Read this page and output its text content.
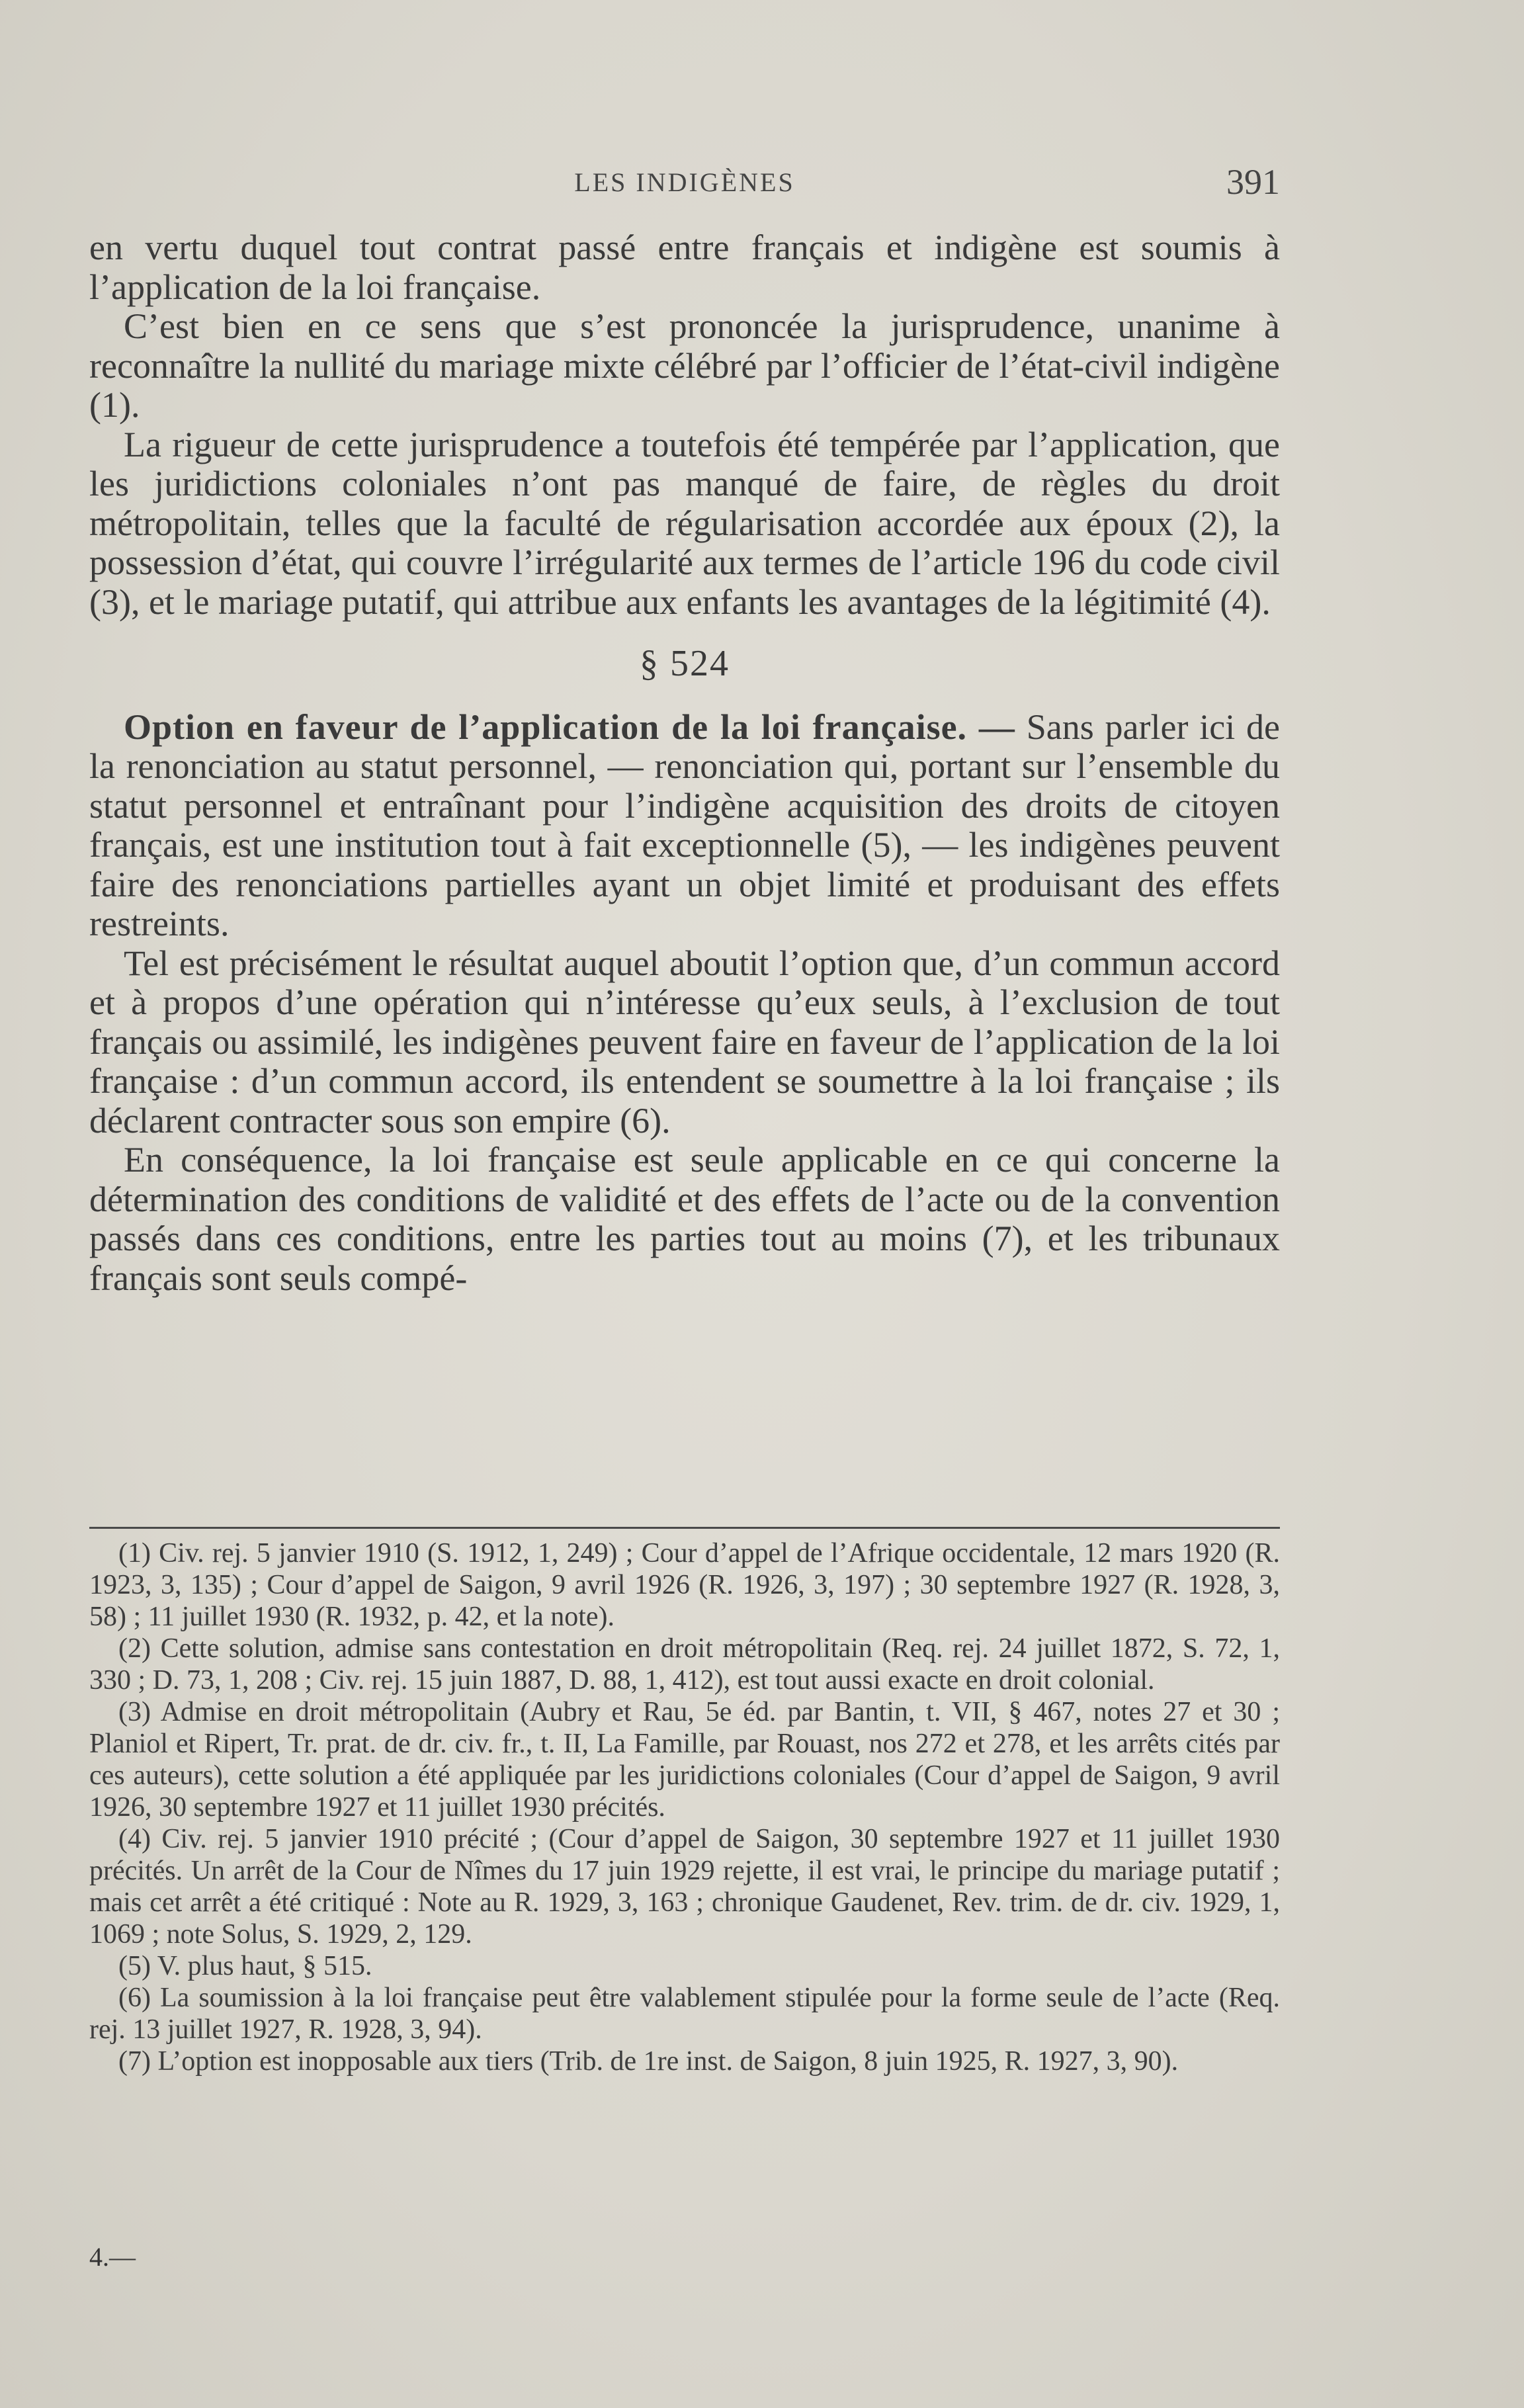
LES INDIGÈNES	391

en vertu duquel tout contrat passé entre français et indigène est soumis à l’application de la loi française.

C’est bien en ce sens que s’est prononcée la jurisprudence, unanime à reconnaître la nullité du mariage mixte célébré par l’officier de l’état-civil indigène (1).

La rigueur de cette jurisprudence a toutefois été tempérée par l’application, que les juridictions coloniales n’ont pas manqué de faire, de règles du droit métropolitain, telles que la faculté de régularisation accordée aux époux (2), la possession d’état, qui couvre l’irrégularité aux termes de l’article 196 du code civil (3), et le mariage putatif, qui attribue aux enfants les avantages de la légitimité (4).

§ 524

Option en faveur de l’application de la loi française. — Sans parler ici de la renonciation au statut personnel, — renonciation qui, portant sur l’ensemble du statut personnel et entraînant pour l’indigène acquisition des droits de citoyen français, est une institution tout à fait exceptionnelle (5), — les indigènes peuvent faire des renonciations partielles ayant un objet limité et produisant des effets restreints.

Tel est précisément le résultat auquel aboutit l’option que, d’un commun accord et à propos d’une opération qui n’intéresse qu’eux seuls, à l’exclusion de tout français ou assimilé, les indigènes peuvent faire en faveur de l’application de la loi française : d’un commun accord, ils entendent se soumettre à la loi française ; ils déclarent contracter sous son empire (6).

En conséquence, la loi française est seule applicable en ce qui concerne la détermination des conditions de validité et des effets de l’acte ou de la convention passés dans ces conditions, entre les parties tout au moins (7), et les tribunaux français sont seuls compé-

(1) Civ. rej. 5 janvier 1910 (S. 1912, 1, 249) ; Cour d’appel de l’Afrique occidentale, 12 mars 1920 (R. 1923, 3, 135) ; Cour d’appel de Saigon, 9 avril 1926 (R. 1926, 3, 197) ; 30 septembre 1927 (R. 1928, 3, 58) ; 11 juillet 1930 (R. 1932, p. 42, et la note).

(2) Cette solution, admise sans contestation en droit métropolitain (Req. rej. 24 juillet 1872, S. 72, 1, 330 ; D. 73, 1, 208 ; Civ. rej. 15 juin 1887, D. 88, 1, 412), est tout aussi exacte en droit colonial.

(3) Admise en droit métropolitain (Aubry et Rau, 5e éd. par Bantin, t. VII, § 467, notes 27 et 30 ; Planiol et Ripert, Tr. prat. de dr. civ. fr., t. II, La Famille, par Rouast, nos 272 et 278, et les arrêts cités par ces auteurs), cette solution a été appliquée par les juridictions coloniales (Cour d’appel de Saigon, 9 avril 1926, 30 septembre 1927 et 11 juillet 1930 précités.

(4) Civ. rej. 5 janvier 1910 précité ; (Cour d’appel de Saigon, 30 septembre 1927 et 11 juillet 1930 précités. Un arrêt de la Cour de Nîmes du 17 juin 1929 rejette, il est vrai, le principe du mariage putatif ; mais cet arrêt a été critiqué : Note au R. 1929, 3, 163 ; chronique Gaudenet, Rev. trim. de dr. civ. 1929, 1, 1069 ; note Solus, S. 1929, 2, 129.

(5) V. plus haut, § 515.

(6) La soumission à la loi française peut être valablement stipulée pour la forme seule de l’acte (Req. rej. 13 juillet 1927, R. 1928, 3, 94).

(7) L’option est inopposable aux tiers (Trib. de 1re inst. de Saigon, 8 juin 1925, R. 1927, 3, 90).

4.—
